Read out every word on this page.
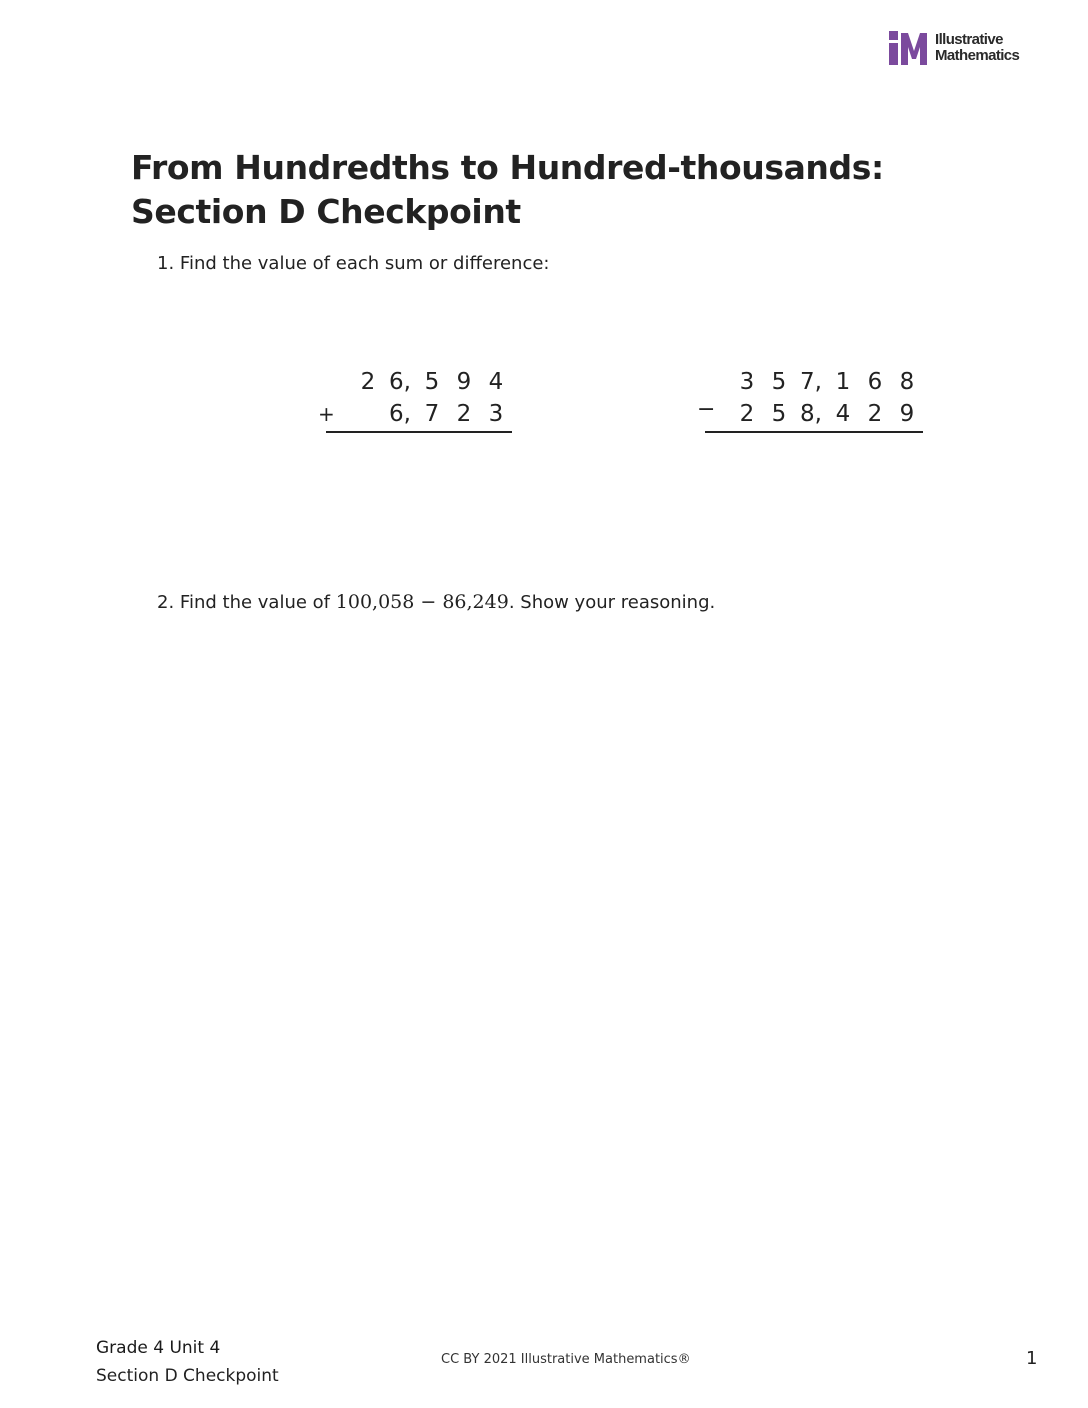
Illustrative
Mathematics
From Hundredths to Hundred-thousands:
Section D Checkpoint
1. Find the value of each sum or difference:
+
2 6, 5 9 4
6, 7 2 3	−
3 5 7, 1 6 8
2 5 8, 4 2 9
2. Find the value of 100,058 − 86,249. Show your reasoning.
Grade 4 Unit 4
Section D Checkpoint
CC BY 2021 Illustrative Mathematics®	1
